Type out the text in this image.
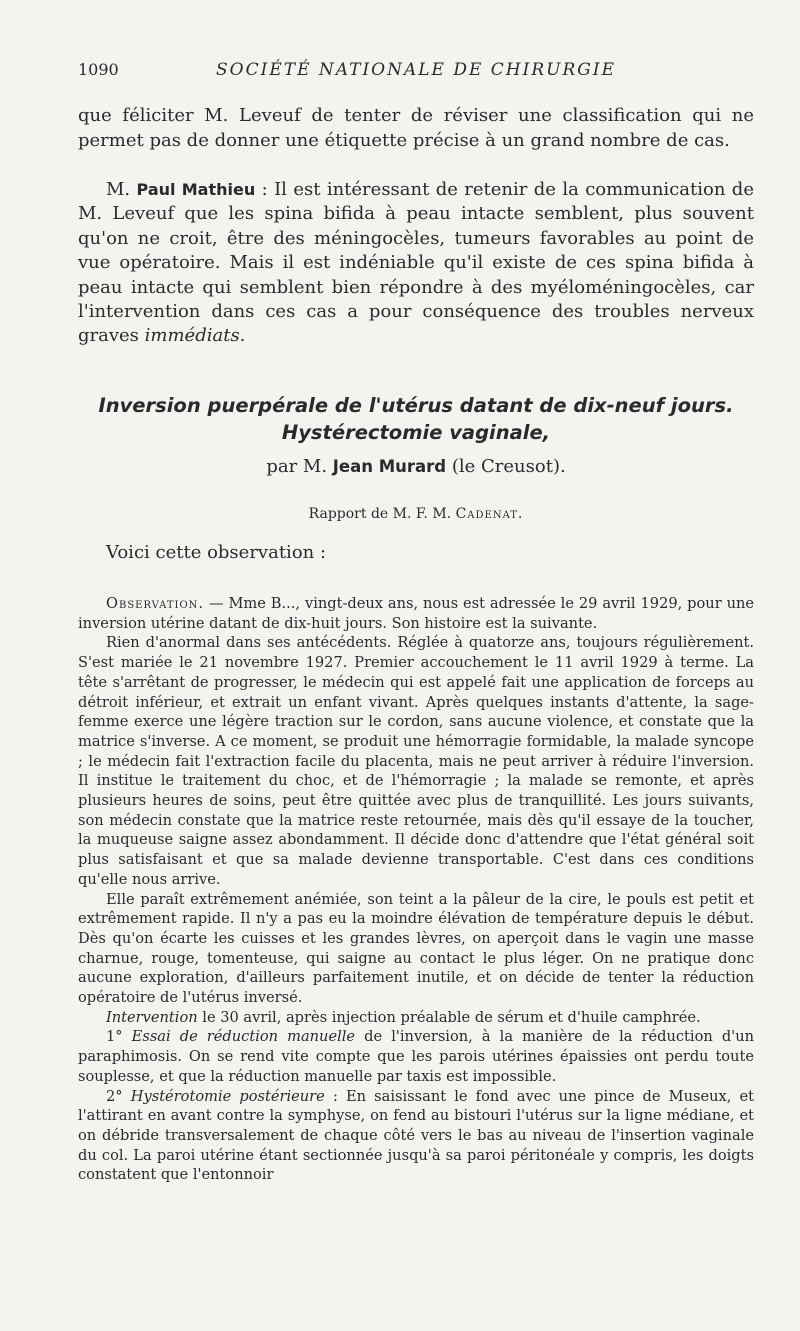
1090	SOCIÉTÉ NATIONALE DE CHIRURGIE

que féliciter M. Leveuf de tenter de réviser une classification qui ne permet pas de donner une étiquette précise à un grand nombre de cas.

M. Paul Mathieu : Il est intéressant de retenir de la communication de M. Leveuf que les spina bifida à peau intacte semblent, plus souvent qu'on ne croit, être des méningocèles, tumeurs favorables au point de vue opératoire. Mais il est indéniable qu'il existe de ces spina bifida à peau intacte qui semblent bien répondre à des myéloméningocèles, car l'intervention dans ces cas a pour conséquence des troubles nerveux graves immédiats.

Inversion puerpérale de l'utérus datant de dix-neuf jours.
Hystérectomie vaginale,
par M. Jean Murard (le Creusot).
Rapport de M. F. M. Cadenat.
Voici cette observation :

Observation. — Mme B..., vingt-deux ans, nous est adressée le 29 avril 1929, pour une inversion utérine datant de dix-huit jours. Son histoire est la suivante.

Rien d'anormal dans ses antécédents. Réglée à quatorze ans, toujours régulièrement. S'est mariée le 21 novembre 1927. Premier accouchement le 11 avril 1929 à terme. La tête s'arrêtant de progresser, le médecin qui est appelé fait une application de forceps au détroit inférieur, et extrait un enfant vivant. Après quelques instants d'attente, la sage-femme exerce une légère traction sur le cordon, sans aucune violence, et constate que la matrice s'inverse. A ce moment, se produit une hémorragie formidable, la malade syncope ; le médecin fait l'extraction facile du placenta, mais ne peut arriver à réduire l'inversion. Il institue le traitement du choc, et de l'hémorragie ; la malade se remonte, et après plusieurs heures de soins, peut être quittée avec plus de tranquillité. Les jours suivants, son médecin constate que la matrice reste retournée, mais dès qu'il essaye de la toucher, la muqueuse saigne assez abondamment. Il décide donc d'attendre que l'état général soit plus satisfaisant et que sa malade devienne transportable. C'est dans ces conditions qu'elle nous arrive.

Elle paraît extrêmement anémiée, son teint a la pâleur de la cire, le pouls est petit et extrêmement rapide. Il n'y a pas eu la moindre élévation de température depuis le début. Dès qu'on écarte les cuisses et les grandes lèvres, on aperçoit dans le vagin une masse charnue, rouge, tomenteuse, qui saigne au contact le plus léger. On ne pratique donc aucune exploration, d'ailleurs parfaitement inutile, et on décide de tenter la réduction opératoire de l'utérus inversé.

Intervention le 30 avril, après injection préalable de sérum et d'huile camphrée.

1° Essai de réduction manuelle de l'inversion, à la manière de la réduction d'un paraphimosis. On se rend vite compte que les parois utérines épaissies ont perdu toute souplesse, et que la réduction manuelle par taxis est impossible.

2° Hystérotomie postérieure : En saisissant le fond avec une pince de Museux, et l'attirant en avant contre la symphyse, on fend au bistouri l'utérus sur la ligne médiane, et on débride transversalement de chaque côté vers le bas au niveau de l'insertion vaginale du col. La paroi utérine étant sectionnée jusqu'à sa paroi péritonéale y compris, les doigts constatent que l'entonnoir
